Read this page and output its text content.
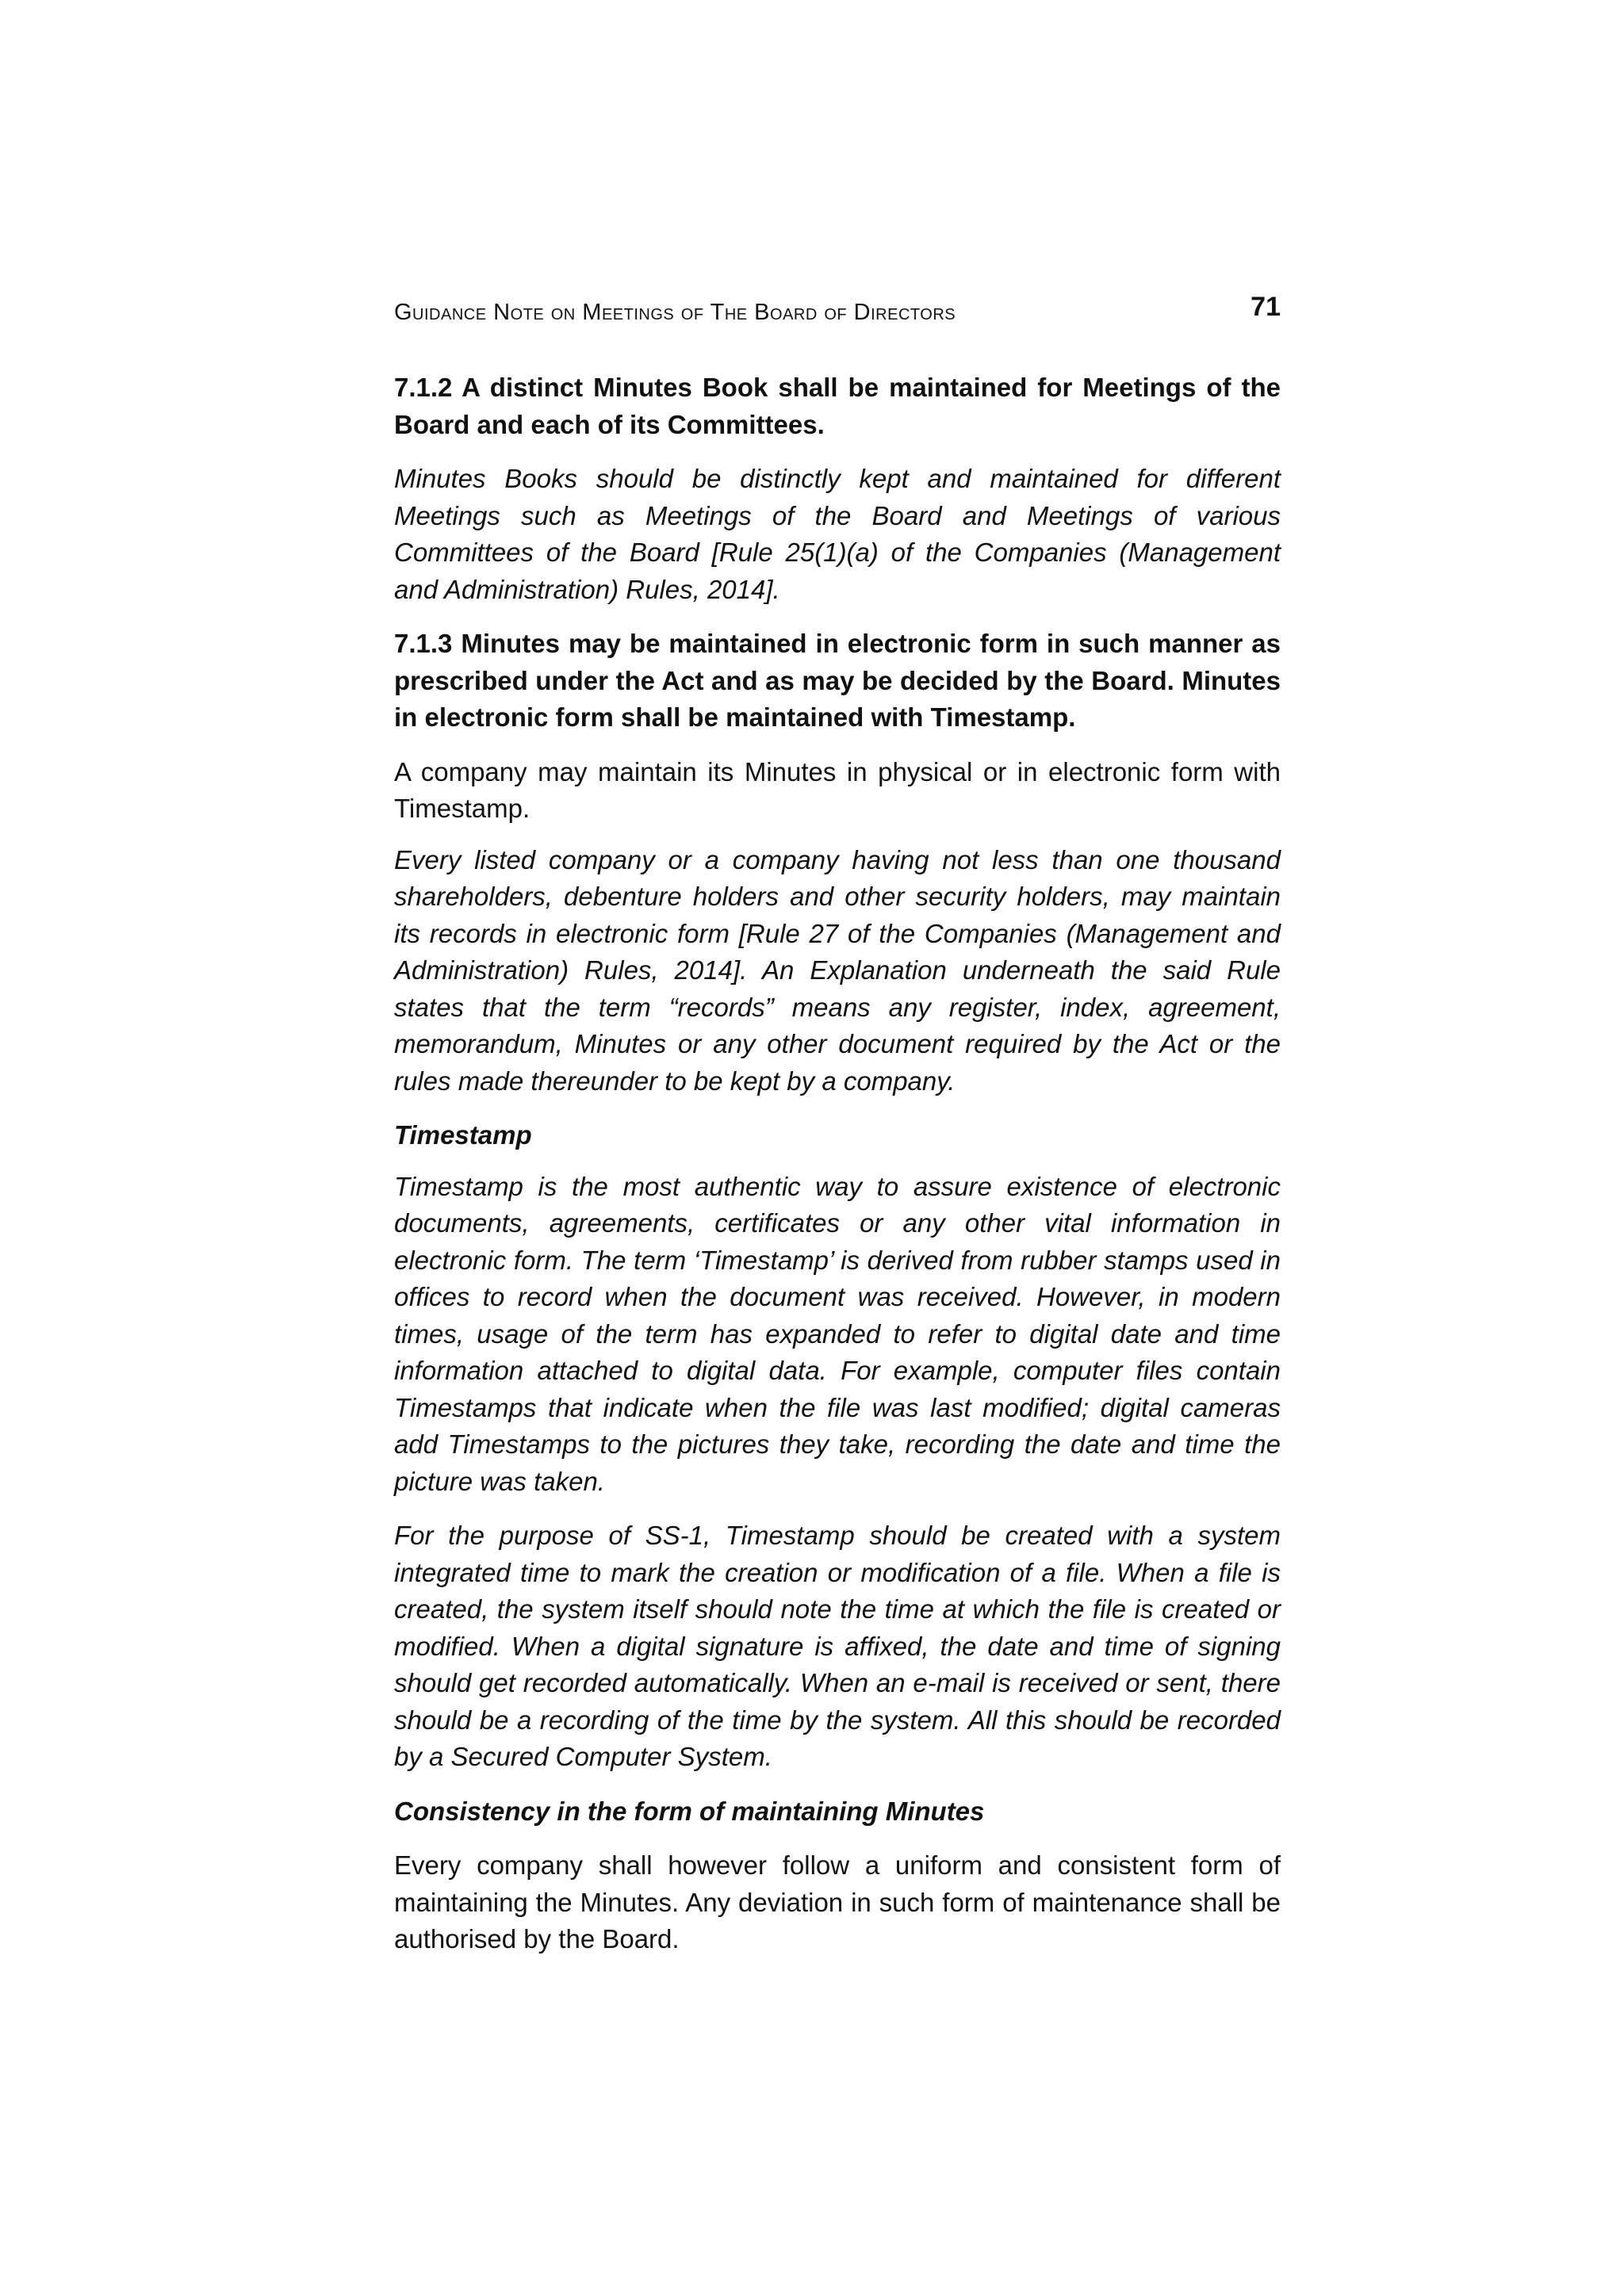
Guidance Note on Meetings of The Board of Directors	71

7.1.2 A distinct Minutes Book shall be maintained for Meetings of the Board and each of its Committees.

Minutes Books should be distinctly kept and maintained for different Meetings such as Meetings of the Board and Meetings of various Committees of the Board [Rule 25(1)(a) of the Companies (Management and Administration) Rules, 2014].

7.1.3 Minutes may be maintained in electronic form in such manner as prescribed under the Act and as may be decided by the Board. Minutes in electronic form shall be maintained with Timestamp.

A company may maintain its Minutes in physical or in electronic form with Timestamp.

Every listed company or a company having not less than one thousand shareholders, debenture holders and other security holders, may maintain its records in electronic form [Rule 27 of the Companies (Management and Administration) Rules, 2014]. An Explanation underneath the said Rule states that the term “records” means any register, index, agreement, memorandum, Minutes or any other document required by the Act or the rules made thereunder to be kept by a company.

Timestamp

Timestamp is the most authentic way to assure existence of electronic documents, agreements, certificates or any other vital information in electronic form. The term ‘Timestamp’ is derived from rubber stamps used in offices to record when the document was received. However, in modern times, usage of the term has expanded to refer to digital date and time information attached to digital data. For example, computer files contain Timestamps that indicate when the file was last modified; digital cameras add Timestamps to the pictures they take, recording the date and time the picture was taken.

For the purpose of SS-1, Timestamp should be created with a system integrated time to mark the creation or modification of a file. When a file is created, the system itself should note the time at which the file is created or modified. When a digital signature is affixed, the date and time of signing should get recorded automatically. When an e-mail is received or sent, there should be a recording of the time by the system. All this should be recorded by a Secured Computer System.

Consistency in the form of maintaining Minutes

Every company shall however follow a uniform and consistent form of maintaining the Minutes. Any deviation in such form of maintenance shall be authorised by the Board.
